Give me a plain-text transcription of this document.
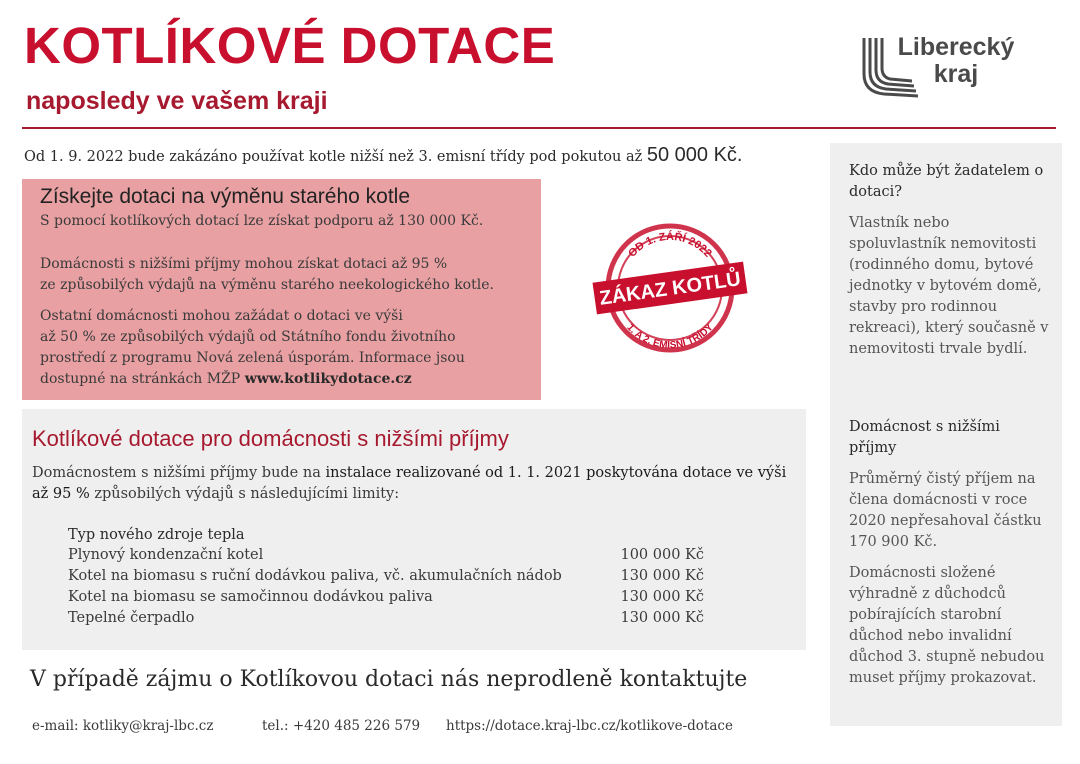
KOTLÍKOVÉ DOTACE
naposledy ve vašem kraji
Liberecký
kraj
Od 1. 9. 2022 bude zakázáno používat kotle nižší než 3. emisní třídy pod pokutou až 50 000 Kč.
Získejte dotaci na výměnu starého kotle
S pomocí kotlíkových dotací lze získat podporu až 130 000 Kč.
Domácnosti s nižšími příjmy mohou získat dotaci až 95 %
ze způsobilých výdajů na výměnu starého neekologického kotle.
Ostatní domácnosti mohou zažádat o dotaci ve výši
až 50 % ze způsobilých výdajů od Státního fondu životního
prostředí z programu Nová zelená úsporám. Informace jsou
dostupné na stránkách MŽP www.kotlikydotace.cz
OD 1. ZÁŘÍ 2022
ZÁKAZ KOTLŮ
1. A 2. EMISNÍ TŘÍDY
Kotlíkové dotace pro domácnosti s nižšími příjmy
Domácnostem s nižšími příjmy bude na instalace realizované od 1. 1. 2021 poskytována dotace ve výši až 95 % způsobilých výdajů s následujícími limity:
Typ nového zdroje tepla
Plynový kondenzační kotel	100 000 Kč
Kotel na biomasu s ruční dodávkou paliva, vč. akumulačních nádob	130 000 Kč
Kotel na biomasu se samočinnou dodávkou paliva	130 000 Kč
Tepelné čerpadlo	130 000 Kč
V případě zájmu o Kotlíkovou dotaci nás neprodleně kontaktujte
e-mail: kotliky@kraj-lbc.cz	tel.: +420 485 226 579 https://dotace.kraj-lbc.cz/kotlikove-dotace
Kdo může být žadatelem o dotaci?
Vlastník nebo spoluvlastník nemovitosti (rodinného domu, bytové jednotky v bytovém domě, stavby pro rodinnou rekreaci), který současně v nemovitosti trvale bydlí.
Domácnost s nižšími příjmy
Průměrný čistý příjem na člena domácnosti v roce 2020 nepřesahoval částku 170 900 Kč.
Domácnosti složené výhradně z důchodců pobírajících starobní důchod nebo invalidní důchod 3. stupně nebudou muset příjmy prokazovat.
